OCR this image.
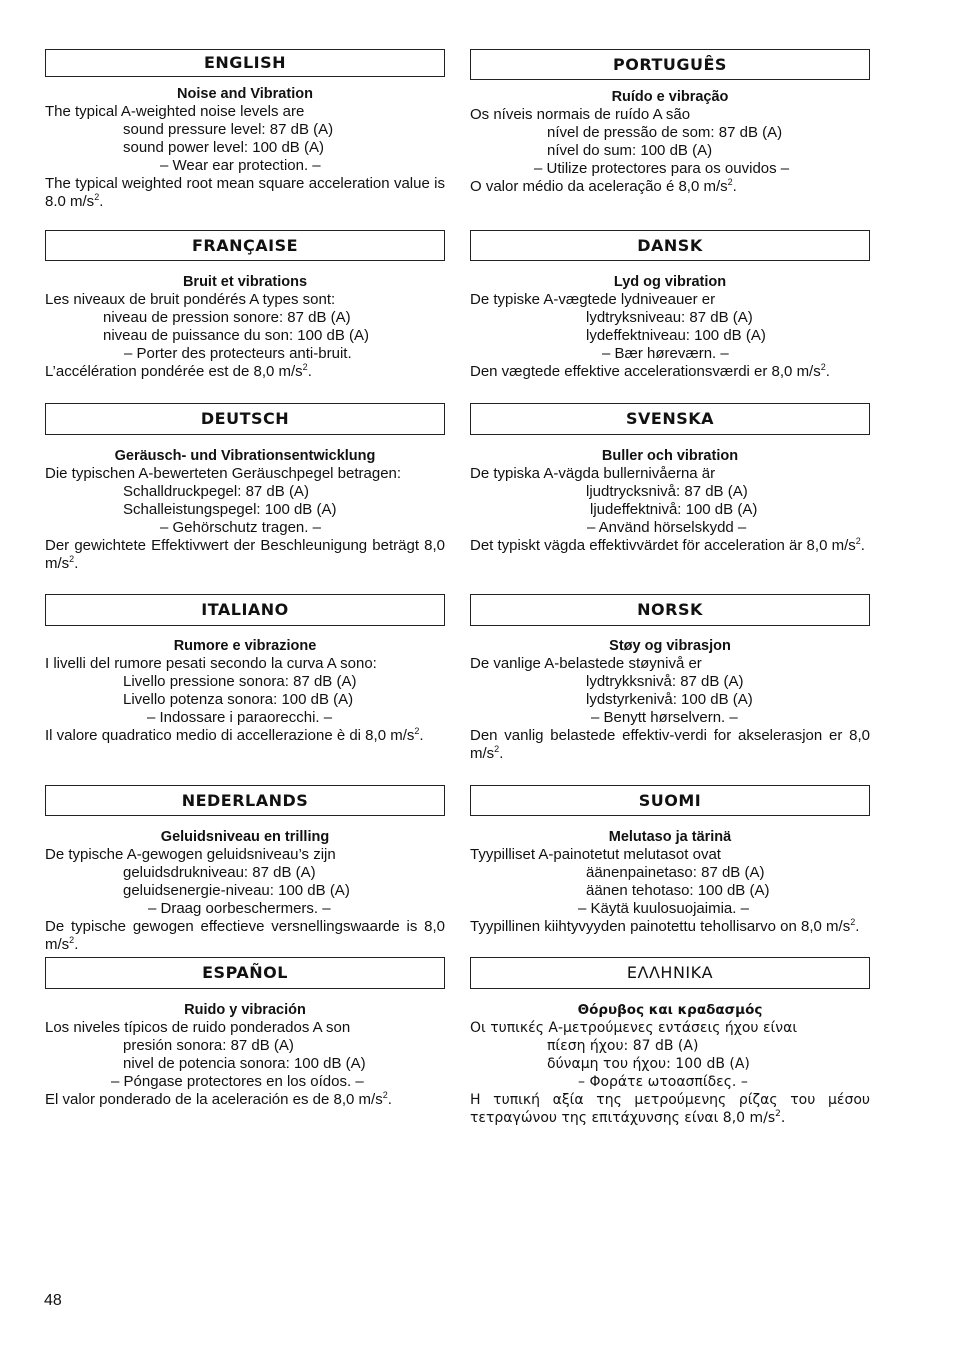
ENGLISH
Noise and Vibration
The typical A-weighted noise levels are
sound pressure level: 87 dB (A)
sound power level: 100 dB (A)
– Wear ear protection. –
The typical weighted root mean square acceleration value is 8.0 $m/s^2$.
PORTUGUÊS
Ruído e vibração
Os níveis normais de ruído A são
nível de pressão de som: 87 dB (A)
nível do sum: 100 dB (A)
– Utilize protectores para os ouvidos –
O valor médio da aceleração é 8,0 $m/s^2$.
FRANÇAISE
Bruit et vibrations
Les niveaux de bruit pondérés A types sont:
niveau de pression sonore: 87 dB (A)
niveau de puissance du son: 100 dB (A)
– Porter des protecteurs anti-bruit.
L’accélération pondérée est de 8,0 $m/s^2$.
DANSK
Lyd og vibration
De typiske A-vægtede lydniveauer er
lydtryksniveau: 87 dB (A)
lydeffektniveau: 100 dB (A)
– Bær høreværn. –
Den vægtede effektive accelerationsværdi er 8,0 $m/s^2$.
DEUTSCH
Geräusch- und Vibrationsentwicklung
Die typischen A-bewerteten Geräuschpegel betragen:
Schalldruckpegel: 87 dB (A)
Schalleistungspegel: 100 dB (A)
– Gehörschutz tragen. –
Der gewichtete Effektivwert der Beschleunigung beträgt 8,0 $m/s^2$.
SVENSKA
Buller och vibration
De typiska A-vägda bullernivåerna är
ljudtrycksnivå: 87 dB (A)
ljudeffektnivå: 100 dB (A)
– Använd hörselskydd –
Det typiskt vägda effektivvärdet för acceleration är 8,0 $m/s^2$.
ITALIANO
Rumore e vibrazione
I livelli del rumore pesati secondo la curva A sono:
Livello pressione sonora: 87 dB (A)
Livello potenza sonora: 100 dB (A)
– Indossare i paraorecchi. –
Il valore quadratico medio di accellerazione è di 8,0 $m/s^2$.
NORSK
Støy og vibrasjon
De vanlige A-belastede støynivå er
lydtrykksnivå: 87 dB (A)
lydstyrkenivå: 100 dB (A)
– Benytt hørselvern. –
Den vanlig belastede effektiv-verdi for akselerasjon er 8,0 $m/s^2$.
NEDERLANDS
Geluidsniveau en trilling
De typische A-gewogen geluidsniveau’s zijn
geluidsdrukniveau: 87 dB (A)
geluidsenergie-niveau: 100 dB (A)
– Draag oorbeschermers. –
De typische gewogen effectieve versnellingswaarde is 8,0 $m/s^2$.
SUOMI
Melutaso ja tärinä
Tyypilliset A-painotetut melutasot ovat
äänenpainetaso: 87 dB (A)
äänen tehotaso: 100 dB (A)
– Käytä kuulosuojaimia. –
Tyypillinen kiihtyvyyden painotettu tehollisarvo on 8,0 $m/s^2$.
ESPAÑOL
Ruido y vibración
Los niveles típicos de ruido ponderados A son
presión sonora: 87 dB (A)
nivel de potencia sonora: 100 dB (A)
– Póngase protectores en los oídos. –
El valor ponderado de la aceleración es de 8,0 $m/s^2$.
ΕΛΛΗΝΙΚΑ
Θόρυβος και κραδασμός
Οι τυπικές Α-μετρούμενες εντάσεις ήχου είναι
πίεση ήχου: 87 dB (A)
δύναμη του ήχου: 100 dB (A)
– Φοράτε ωτοασπίδες. –
Η τυπική αξία της μετρούμενης ρίζας του μέσου τετραγώνου της επιτάχυνσης είναι 8,0 $m/s^2$.
48
